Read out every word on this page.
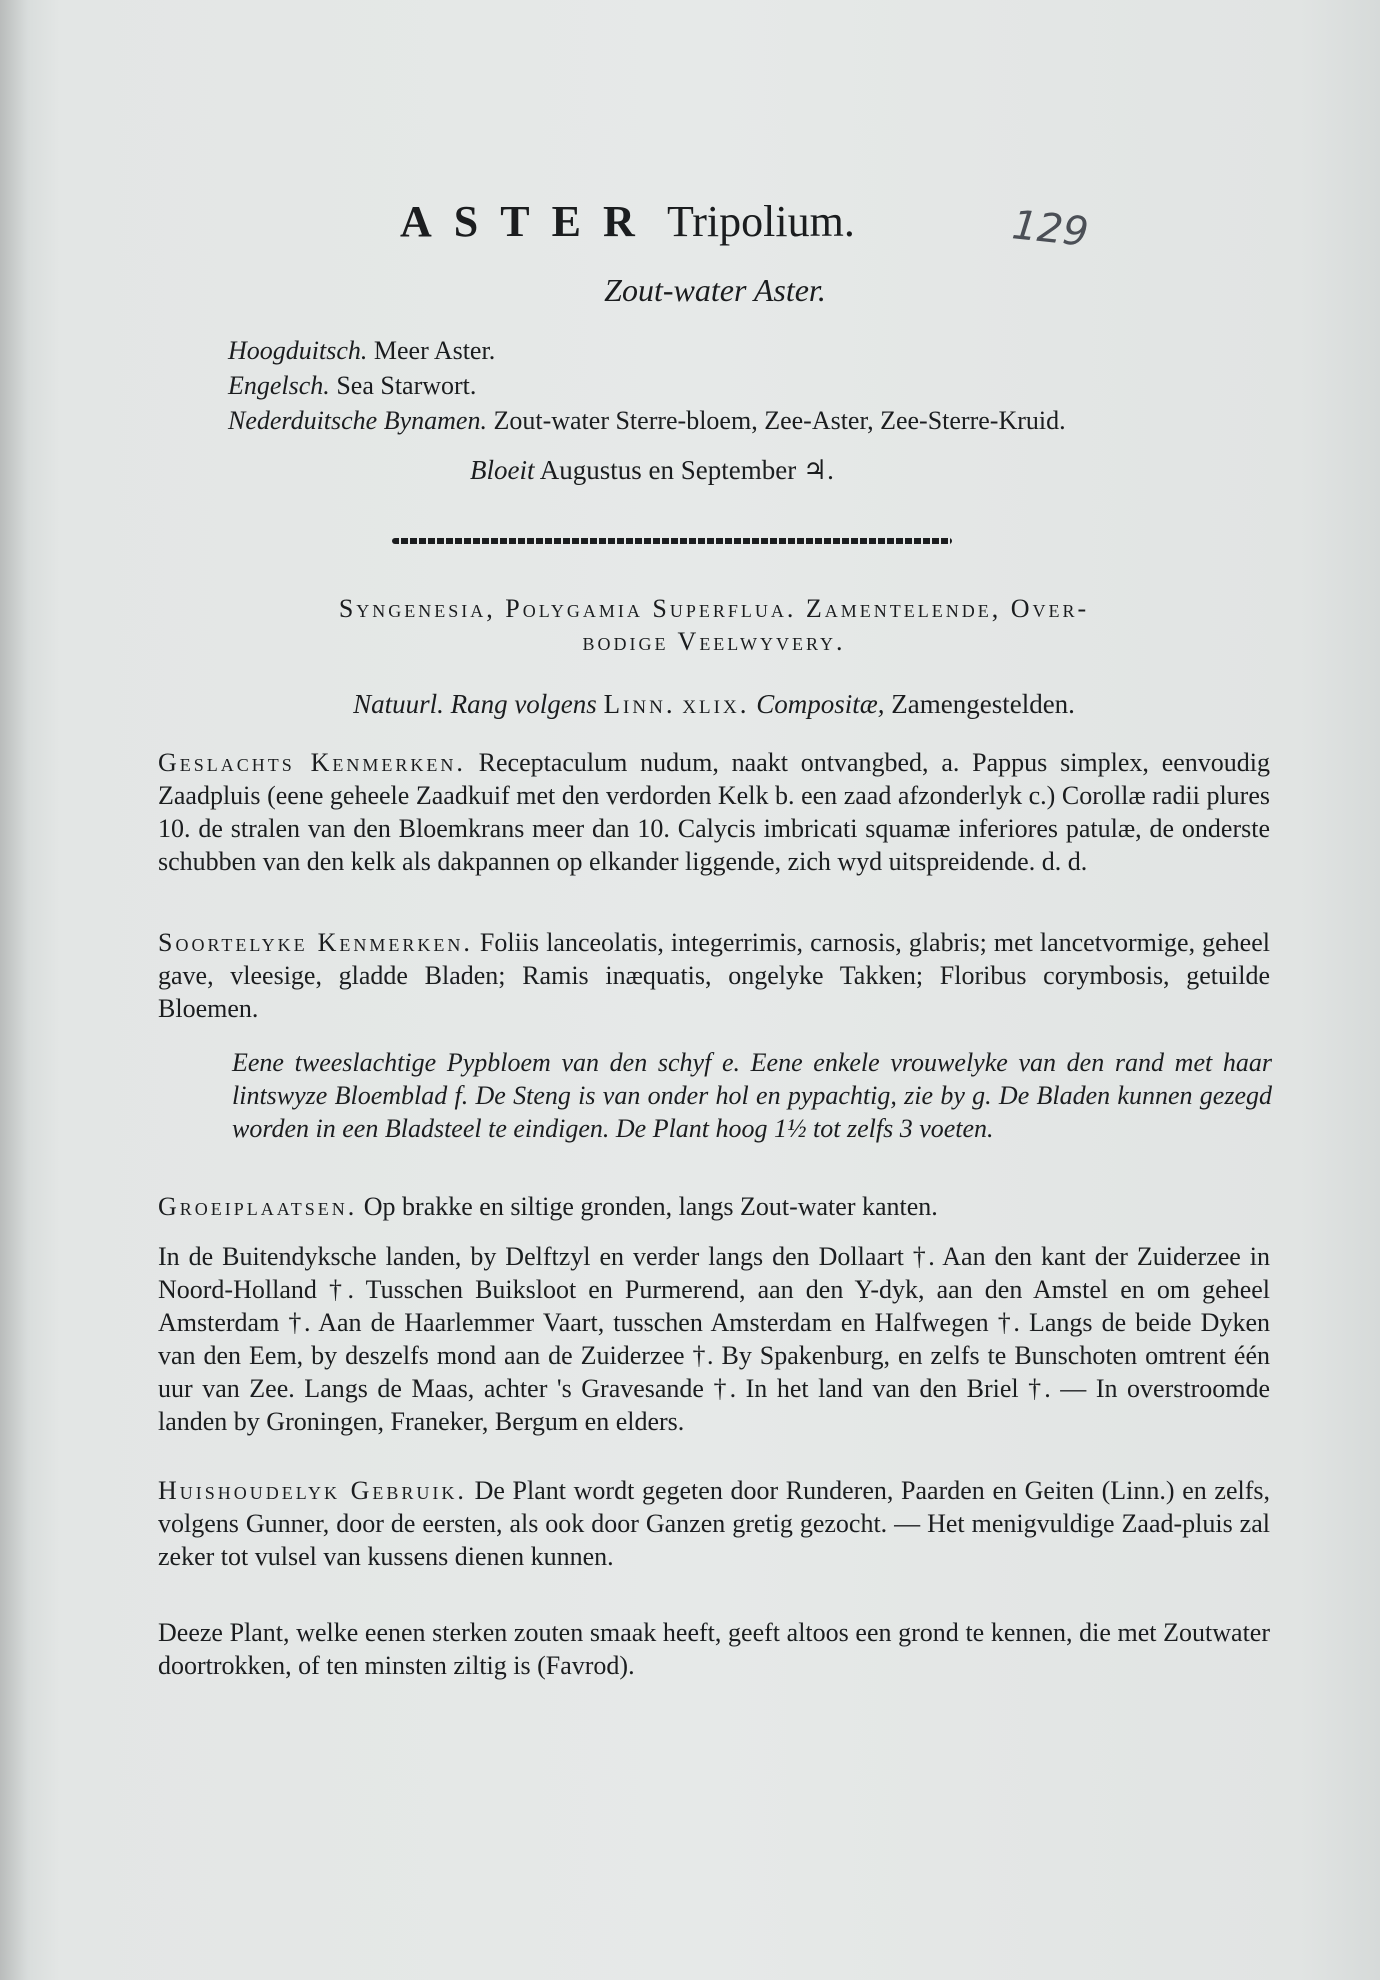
ASTER Tripolium.	129
Zout-water Aster.
Hoogduitsch. Meer Aster.
Engelsch. Sea Starwort.
Nederduitsche Bynamen. Zout-water Sterre-bloem, Zee-Aster, Zee-Sterre-Kruid.
Bloeit Augustus en September ♃.

Syngenesia, Polygamia Superflua. Zamentelende, Over-

bodige Veelwyvery.

Natuurl. Rang volgens Linn. xlix. Compositæ, Zamengestelden.

Geslachts Kenmerken. Receptaculum nudum, naakt ontvangbed, a. Pappus simplex, eenvoudig Zaadpluis (eene geheele Zaadkuif met den verdorden Kelk b. een zaad afzonderlyk c.) Corollæ radii plures 10. de stralen van den Bloemkrans meer dan 10. Calycis imbricati squamæ inferiores patulæ, de onderste schubben van den kelk als dakpannen op elkander liggende, zich wyd uitspreidende. d. d.

Soortelyke Kenmerken. Foliis lanceolatis, integerrimis, carnosis, glabris; met lancetvormige, geheel gave, vleesige, gladde Bladen; Ramis inæquatis, ongelyke Takken; Floribus corymbosis, getuilde Bloemen.

Eene tweeslachtige Pypbloem van den schyf e. Eene enkele vrouwelyke van den rand met haar lintswyze Bloemblad f. De Steng is van onder hol en pypachtig, zie by g. De Bladen kunnen gezegd worden in een Bladsteel te eindigen. De Plant hoog 1½ tot zelfs 3 voeten.

Groeiplaatsen. Op brakke en siltige gronden, langs Zout-water kanten.

In de Buitendyksche landen, by Delftzyl en verder langs den Dollaart †. Aan den kant der Zuiderzee in Noord-Holland †. Tusschen Buiksloot en Purmerend, aan den Y-dyk, aan den Amstel en om geheel Amsterdam †. Aan de Haarlemmer Vaart, tusschen Amsterdam en Halfwegen †. Langs de beide Dyken van den Eem, by deszelfs mond aan de Zuiderzee †. By Spakenburg, en zelfs te Bunschoten omtrent één uur van Zee. Langs de Maas, achter 's Gravesande †. In het land van den Briel †. — In overstroomde landen by Groningen, Franeker, Bergum en elders.

Huishoudelyk Gebruik. De Plant wordt gegeten door Runderen, Paarden en Geiten (Linn.) en zelfs, volgens Gunner, door de eersten, als ook door Ganzen gretig gezocht. — Het menigvuldige Zaad-pluis zal zeker tot vulsel van kussens dienen kunnen.

Deeze Plant, welke eenen sterken zouten smaak heeft, geeft altoos een grond te kennen, die met Zoutwater doortrokken, of ten minsten ziltig is (Favrod).
